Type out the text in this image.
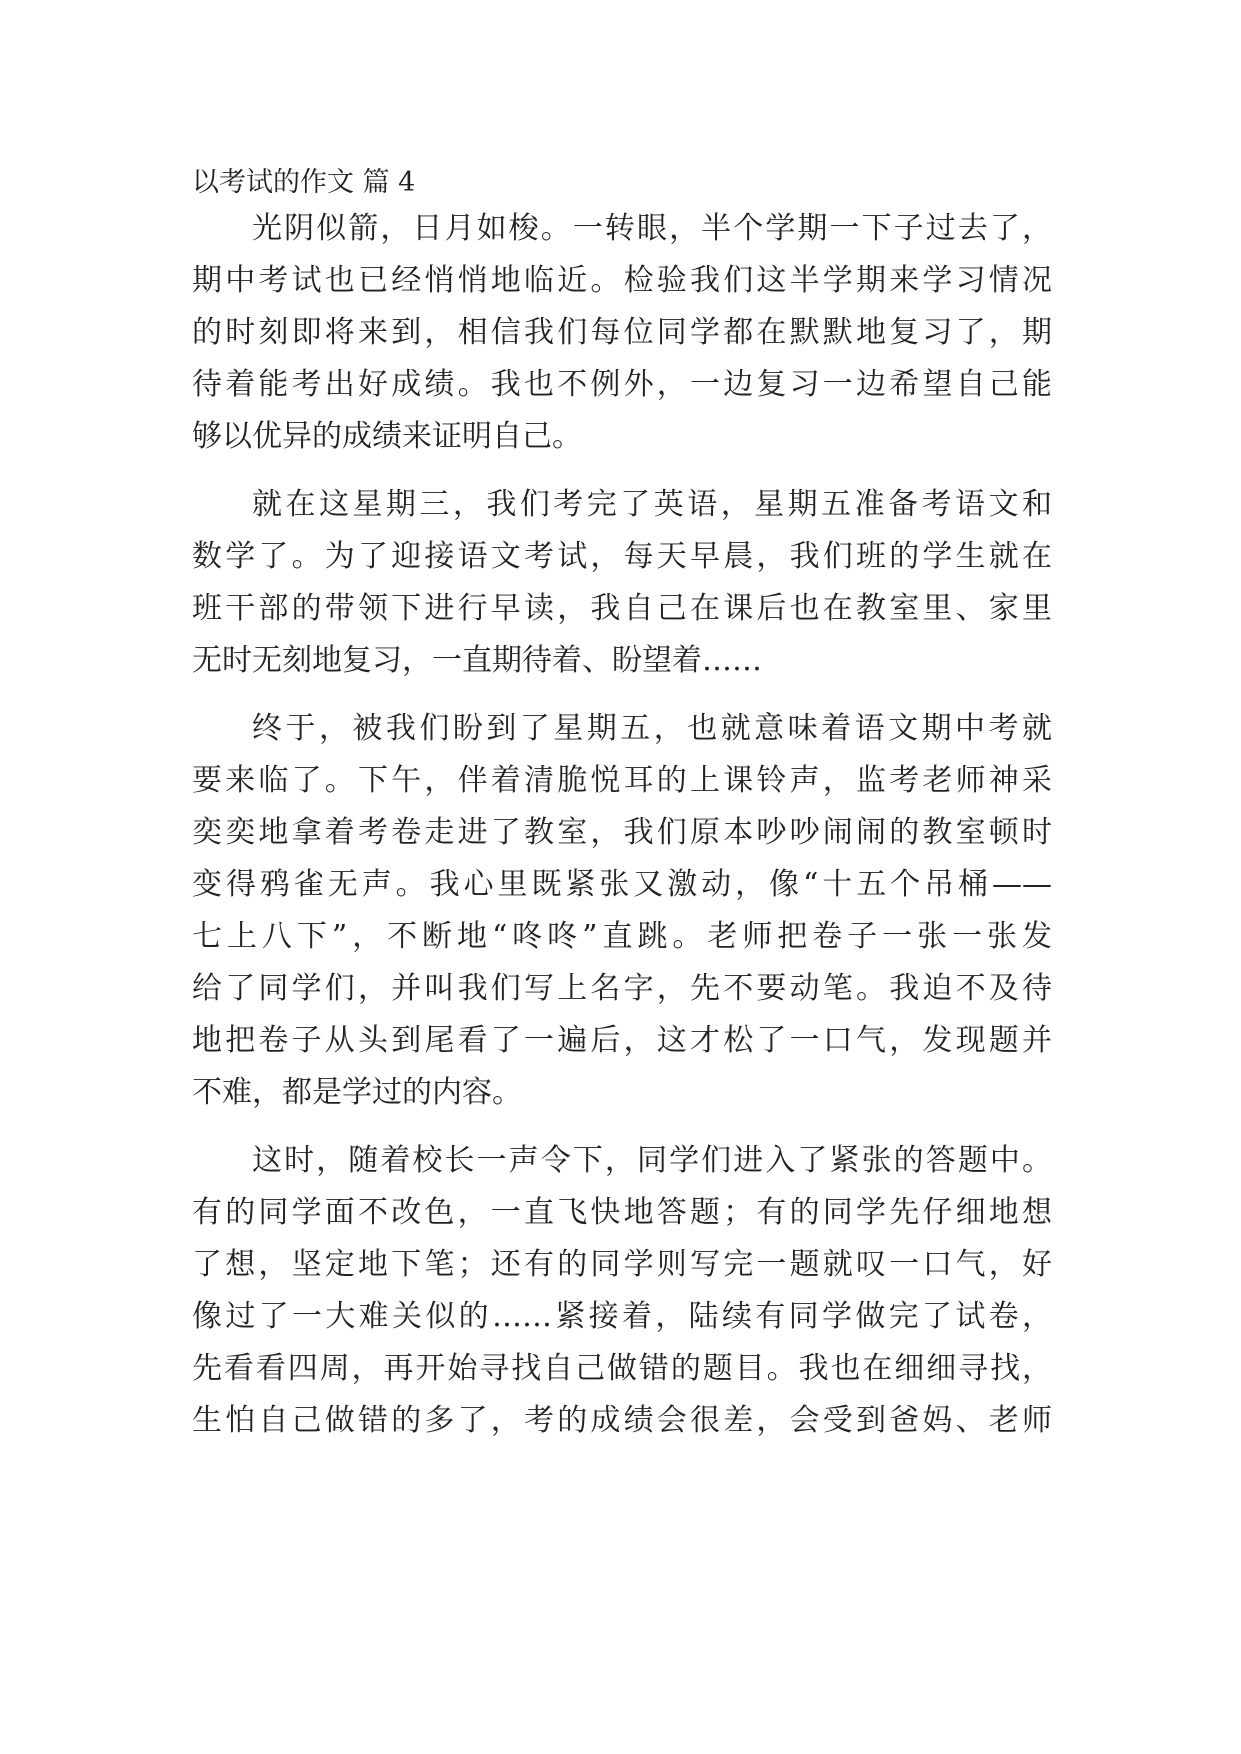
以考试的作文 篇 4
光阴似箭，日月如梭。一转眼，半个学期一下子过去了，
期中考试也已经悄悄地临近。检验我们这半学期来学习情况
的时刻即将来到，相信我们每位同学都在默默地复习了，期
待着能考出好成绩。我也不例外，一边复习一边希望自己能
够以优异的成绩来证明自己。
就在这星期三，我们考完了英语，星期五准备考语文和
数学了。为了迎接语文考试，每天早晨，我们班的学生就在
班干部的带领下进行早读，我自己在课后也在教室里、家里
无时无刻地复习，一直期待着、盼望着……
终于，被我们盼到了星期五，也就意味着语文期中考就
要来临了。下午，伴着清脆悦耳的上课铃声，监考老师神采
奕奕地拿着考卷走进了教室，我们原本吵吵闹闹的教室顿时
变得鸦雀无声。我心里既紧张又激动，像“十五个吊桶——
七上八下”，不断地“咚咚”直跳。老师把卷子一张一张发
给了同学们，并叫我们写上名字，先不要动笔。我迫不及待
地把卷子从头到尾看了一遍后，这才松了一口气，发现题并
不难，都是学过的内容。
这时，随着校长一声令下，同学们进入了紧张的答题中。
有的同学面不改色，一直飞快地答题；有的同学先仔细地想
了想，坚定地下笔；还有的同学则写完一题就叹一口气，好
像过了一大难关似的……紧接着，陆续有同学做完了试卷，
先看看四周，再开始寻找自己做错的题目。我也在细细寻找，
生怕自己做错的多了，考的成绩会很差，会受到爸妈、老师
